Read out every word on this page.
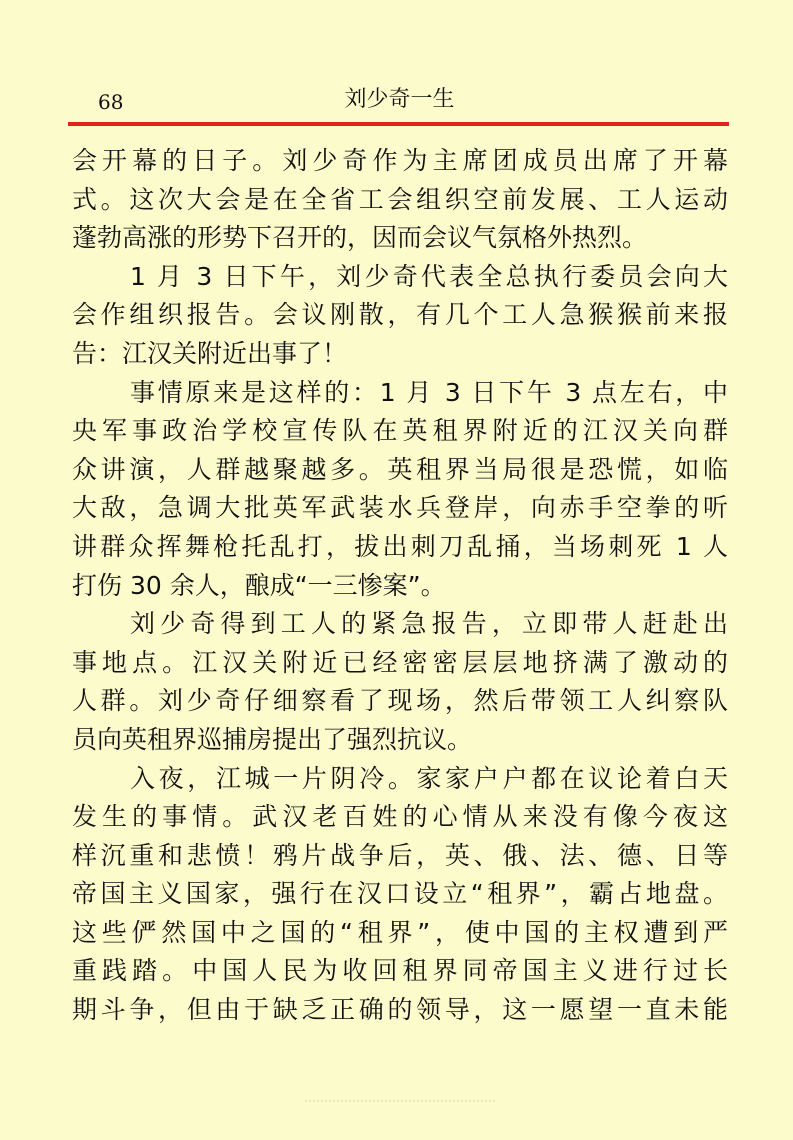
68	刘少奇一生
会开幕的日子。刘少奇作为主席团成员出席了开幕
式。这次大会是在全省工会组织空前发展、工人运动
蓬勃高涨的形势下召开的，因而会议气氛格外热烈。
1 月 3 日下午，刘少奇代表全总执行委员会向大
会作组织报告。会议刚散，有几个工人急猴猴前来报
告：江汉关附近出事了！
事情原来是这样的：1 月 3 日下午 3 点左右，中
央军事政治学校宣传队在英租界附近的江汉关向群
众讲演，人群越聚越多。英租界当局很是恐慌，如临
大敌，急调大批英军武装水兵登岸，向赤手空拳的听
讲群众挥舞枪托乱打，拔出刺刀乱捅，当场刺死 1 人
打伤 30 余人，酿成“一三惨案”。
刘少奇得到工人的紧急报告，立即带人赶赴出
事地点。江汉关附近已经密密层层地挤满了激动的
人群。刘少奇仔细察看了现场，然后带领工人纠察队
员向英租界巡捕房提出了强烈抗议。
入夜，江城一片阴冷。家家户户都在议论着白天
发生的事情。武汉老百姓的心情从来没有像今夜这
样沉重和悲愤！鸦片战争后，英、俄、法、德、日等
帝国主义国家，强行在汉口设立“租界”，霸占地盘。
这些俨然国中之国的“租界”，使中国的主权遭到严
重践踏。中国人民为收回租界同帝国主义进行过长
期斗争，但由于缺乏正确的领导，这一愿望一直未能
